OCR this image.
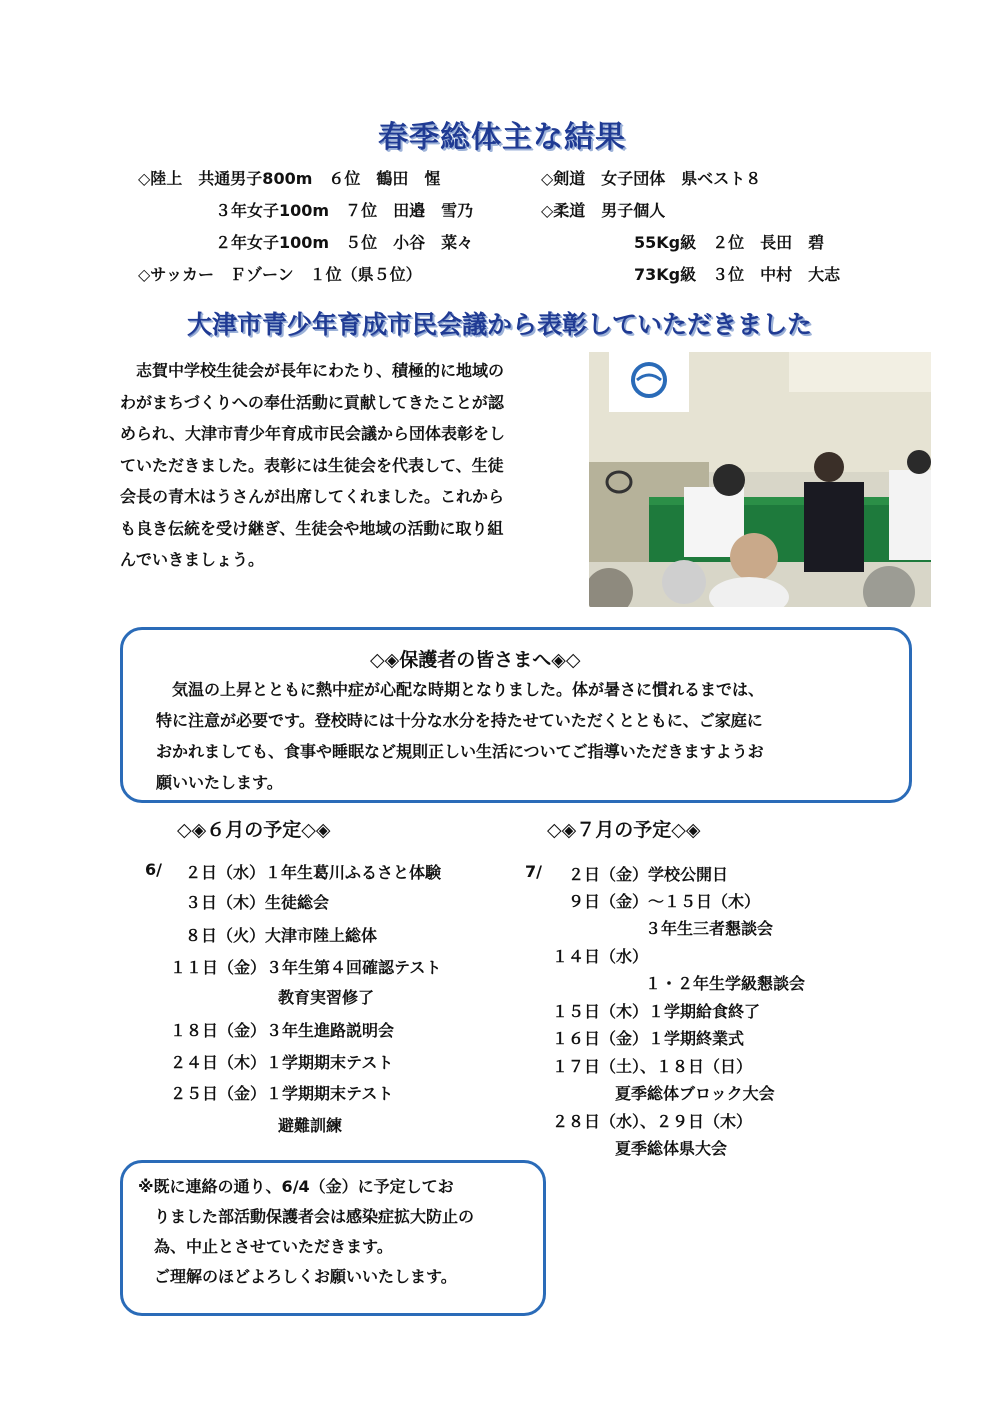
春季総体主な結果
◇陸上　共通男子800m　６位　鶴田　惺
３年女子100m　７位　田邉　雪乃
２年女子100m　５位　小谷　菜々
◇サッカー　Ｆゾーン　１位（県５位）
◇剣道　女子団体　県ベスト８
◇柔道　男子個人
55Kg級　２位　長田　碧
73Kg級　３位　中村　大志
大津市青少年育成市民会議から表彰していただきました
　志賀中学校生徒会が長年にわたり、積極的に地域の
わがまちづくりへの奉仕活動に貢献してきたことが認
められ、大津市青少年育成市民会議から団体表彰をし
ていただきました。表彰には生徒会を代表して、生徒
会長の青木はうさんが出席してくれました。これから
も良き伝統を受け継ぎ、生徒会や地域の活動に取り組
んでいきましょう。
◇◈保護者の皆さまへ◈◇
　気温の上昇とともに熱中症が心配な時期となりました。体が暑さに慣れるまでは、
特に注意が必要です。登校時には十分な水分を持たせていただくとともに、ご家庭に
おかれましても、食事や睡眠など規則正しい生活についてご指導いただきますようお
願いいたします。
◇◈６月の予定◇◈
6/ ２日（水）１年生葛川ふるさと体験
３日（木）生徒総会
８日（火）大津市陸上総体
１１日（金）３年生第４回確認テスト
教育実習修了
１８日（金）３年生進路説明会
２４日（木）１学期期末テスト
２５日（金）１学期期末テスト
避難訓練
◇◈７月の予定◇◈
7/ ２日（金）学校公開日
９日（金）～１５日（木）
３年生三者懇談会
１４日（水）
１・２年生学級懇談会
１５日（木）１学期給食終了
１６日（金）１学期終業式
１７日（土）、１８日（日）
夏季総体ブロック大会
２８日（水）、２９日（木）
夏季総体県大会
※既に連絡の通り、6/4（金）に予定してお
　りました部活動保護者会は感染症拡大防止の
　為、中止とさせていただきます。
　ご理解のほどよろしくお願いいたします。
